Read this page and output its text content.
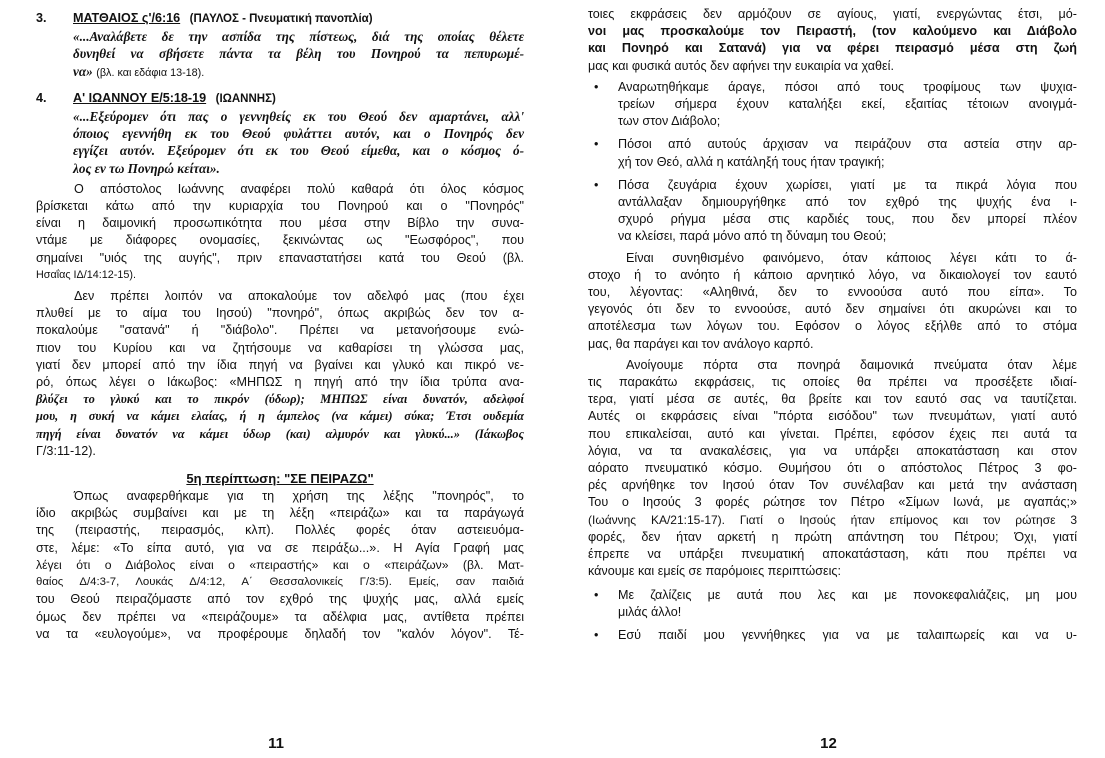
3.	ΜΑΤΘΑΙΟΣ ς'/6:16 (ΠΑΥΛΟΣ - Πνευματική πανοπλία)
«...Αναλάβετε δε την ασπίδα της πίστεως, διά της οποίας θέλετε
δυνηθεί να σβήσετε πάντα τα βέλη του Πονηρού τα πεπυρωμέ-
να» (βλ. και εδάφια 13-18).
4.	Α' ΙΩΑΝΝΟΥ Ε/5:18-19 (ΙΩΑΝΝΗΣ)
«...Εξεύρομεν ότι πας ο γεννηθείς εκ του Θεού δεν αμαρτάνει, αλλ'
όποιος εγεννήθη εκ του Θεού φυλάττει αυτόν, και ο Πονηρός δεν
εγγίζει αυτόν. Εξεύρομεν ότι εκ του Θεού είμεθα, και ο κόσμος ό-
λος εν τω Πονηρώ κείται».
Ο απόστολος Ιωάννης αναφέρει πολύ καθαρά ότι όλος κόσμος
βρίσκεται κάτω από την κυριαρχία του Πονηρού και ο "Πονηρός"
είναι η δαιμονική προσωπικότητα που μέσα στην Βίβλο την συνα-
ντάμε με διάφορες ονομασίες, ξεκινώντας ως "Εωσφόρος", που
σημαίνει "υιός της αυγής", πριν επαναστατήσει κατά του Θεού (βλ.
Ησαΐας ΙΔ/14:12-15).
Δεν πρέπει λοιπόν να αποκαλούμε τον αδελφό μας (που έχει
πλυθεί με το αίμα του Ιησού) "πονηρό", όπως ακριβώς δεν τον α-
ποκαλούμε "σατανά" ή "διάβολο". Πρέπει να μετανοήσουμε ενώ-
πιον του Κυρίου και να ζητήσουμε να καθαρίσει τη γλώσσα μας,
γιατί δεν μπορεί από την ίδια πηγή να βγαίνει και γλυκό και πικρό νε-
ρό, όπως λέγει ο Ιάκωβος: «ΜΗΠΩΣ η πηγή από την ίδια τρύπα ανα-
βλύζει το γλυκύ και το πικρόν (ύδωρ); ΜΗΠΩΣ είναι δυνατόν, αδελφοί
μου, η συκή να κάμει ελαίας, ή η άμπελος (να κάμει) σύκα; Έτσι ουδεμία
πηγή είναι δυνατόν να κάμει ύδωρ (και) αλμυρόν και γλυκύ...» (Ιάκωβος
Γ/3:11-12).
5η περίπτωση: "ΣΕ ΠΕΙΡΑΖΩ"
Όπως αναφερθήκαμε για τη χρήση της λέξης "πονηρός", το
ίδιο ακριβώς συμβαίνει και με τη λέξη «πειράζω» και τα παράγωγά
της (πειραστής, πειρασμός, κλπ). Πολλές φορές όταν αστειευόμα-
στε, λέμε: «Το είπα αυτό, για να σε πειράξω...». Η Αγία Γραφή μας
λέγει ότι ο Διάβολος είναι ο «πειραστής» και ο «πειράζων» (βλ. Ματ-
θαίος Δ/4:3-7, Λουκάς Δ/4:12, Α΄ Θεσσαλονικείς Γ/3:5). Εμείς, σαν παιδιά
του Θεού πειραζόμαστε από τον εχθρό της ψυχής μας, αλλά εμείς
όμως δεν πρέπει να «πειράζουμε» τα αδέλφια μας, αντίθετα πρέπει
να τα «ευλογούμε», να προφέρουμε δηλαδή τον "καλόν λόγον". Τέ-
11
τοιες εκφράσεις δεν αρμόζουν σε αγίους, γιατί, ενεργώντας έτσι, μό-
νοι μας προσκαλούμε τον Πειραστή, (τον καλούμενο και Διάβολο
και Πονηρό και Σατανά) για να φέρει πειρασμό μέσα στη ζωή
μας και φυσικά αυτός δεν αφήνει την ευκαιρία να χαθεί.
•	Αναρωτηθήκαμε άραγε, πόσοι από τους τροφίμους των ψυχια-
τρείων σήμερα έχουν καταλήξει εκεί, εξαιτίας τέτοιων ανοιγμά-
των στον Διάβολο;
•	Πόσοι από αυτούς άρχισαν να πειράζουν στα αστεία στην αρ-
χή τον Θεό, αλλά η κατάληξή τους ήταν τραγική;
•	Πόσα ζευγάρια έχουν χωρίσει, γιατί με τα πικρά λόγια που
αντάλλαξαν δημιουργήθηκε από τον εχθρό της ψυχής ένα ι-
σχυρό ρήγμα μέσα στις καρδιές τους, που δεν μπορεί πλέον
να κλείσει, παρά μόνο από τη δύναμη του Θεού;
Είναι συνηθισμένο φαινόμενο, όταν κάποιος λέγει κάτι το ά-
στοχο ή το ανόητο ή κάποιο αρνητικό λόγο, να δικαιολογεί τον εαυτό
του, λέγοντας: «Αληθινά, δεν το εννοούσα αυτό που είπα». Το
γεγονός ότι δεν το εννοούσε, αυτό δεν σημαίνει ότι ακυρώνει και το
αποτέλεσμα των λόγων του. Εφόσον ο λόγος εξήλθε από το στόμα
μας, θα παράγει και τον ανάλογο καρπό.
Ανοίγουμε πόρτα στα πονηρά δαιμονικά πνεύματα όταν λέμε
τις παρακάτω εκφράσεις, τις οποίες θα πρέπει να προσέξετε ιδιαί-
τερα, γιατί μέσα σε αυτές, θα βρείτε και τον εαυτό σας να ταυτίζεται.
Αυτές οι εκφράσεις είναι "πόρτα εισόδου" των πνευμάτων, γιατί αυτό
που επικαλείσαι, αυτό και γίνεται. Πρέπει, εφόσον έχεις πει αυτά τα
λόγια, να τα ανακαλέσεις, για να υπάρξει αποκατάσταση και στον
αόρατο πνευματικό κόσμο. Θυμήσου ότι ο απόστολος Πέτρος 3 φο-
ρές αρνήθηκε τον Ιησού όταν Τον συνέλαβαν και μετά την ανάσταση
Του ο Ιησούς 3 φορές ρώτησε τον Πέτρο «Σίμων Ιωνά, με αγαπάς;»
(Ιωάννης ΚΑ/21:15-17). Γιατί ο Ιησούς ήταν επίμονος και τον ρώτησε 3
φορές, δεν ήταν αρκετή η πρώτη απάντηση του Πέτρου; Όχι, γιατί
έπρεπε να υπάρξει πνευματική αποκατάσταση, κάτι που πρέπει να
κάνουμε και εμείς σε παρόμοιες περιπτώσεις:
•	Με ζαλίζεις με αυτά που λες και με πονοκεφαλιάζεις, μη μου
μιλάς άλλο!
•	Εσύ παιδί μου γεννήθηκες για να με ταλαιπωρείς και να υ-
12
